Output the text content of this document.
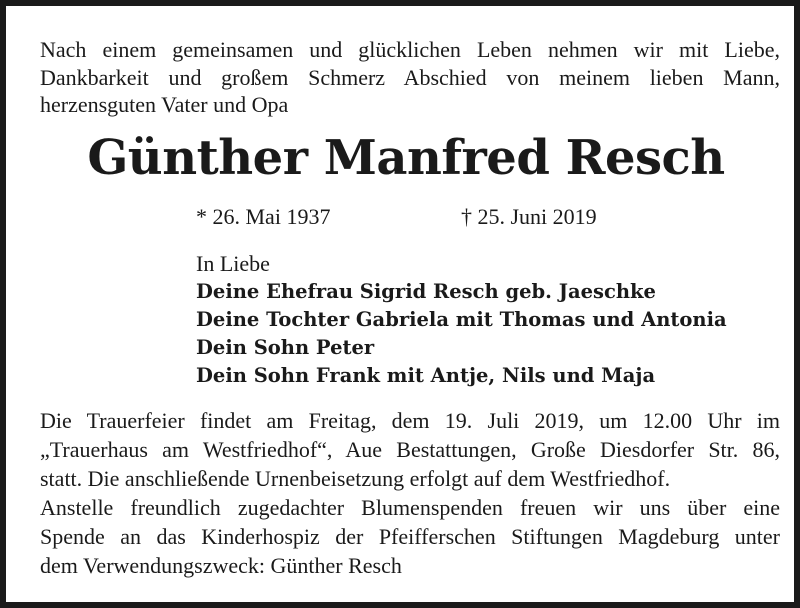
Nach einem gemeinsamen und glücklichen Leben nehmen wir mit Liebe, Dankbarkeit und großem Schmerz Abschied von meinem lieben Mann, herzensguten Vater und Opa

Günther Manfred Resch
* 26. Mai 1937	† 25. Juni 2019
In Liebe
Deine Ehefrau Sigrid Resch geb. Jaeschke
Deine Tochter Gabriela mit Thomas und Antonia
Dein Sohn Peter
Dein Sohn Frank mit Antje, Nils und Maja
Die Trauerfeier findet am Freitag, dem 19. Juli 2019, um 12.00 Uhr im
„Trauerhaus am Westfriedhof“, Aue Bestattungen, Große Diesdorfer Str. 86,
statt. Die anschließende Urnenbeisetzung erfolgt auf dem Westfriedhof.
Anstelle freundlich zugedachter Blumenspenden freuen wir uns über eine
Spende an das Kinderhospiz der Pfeifferschen Stiftungen Magdeburg unter
dem Verwendungszweck: Günther Resch
